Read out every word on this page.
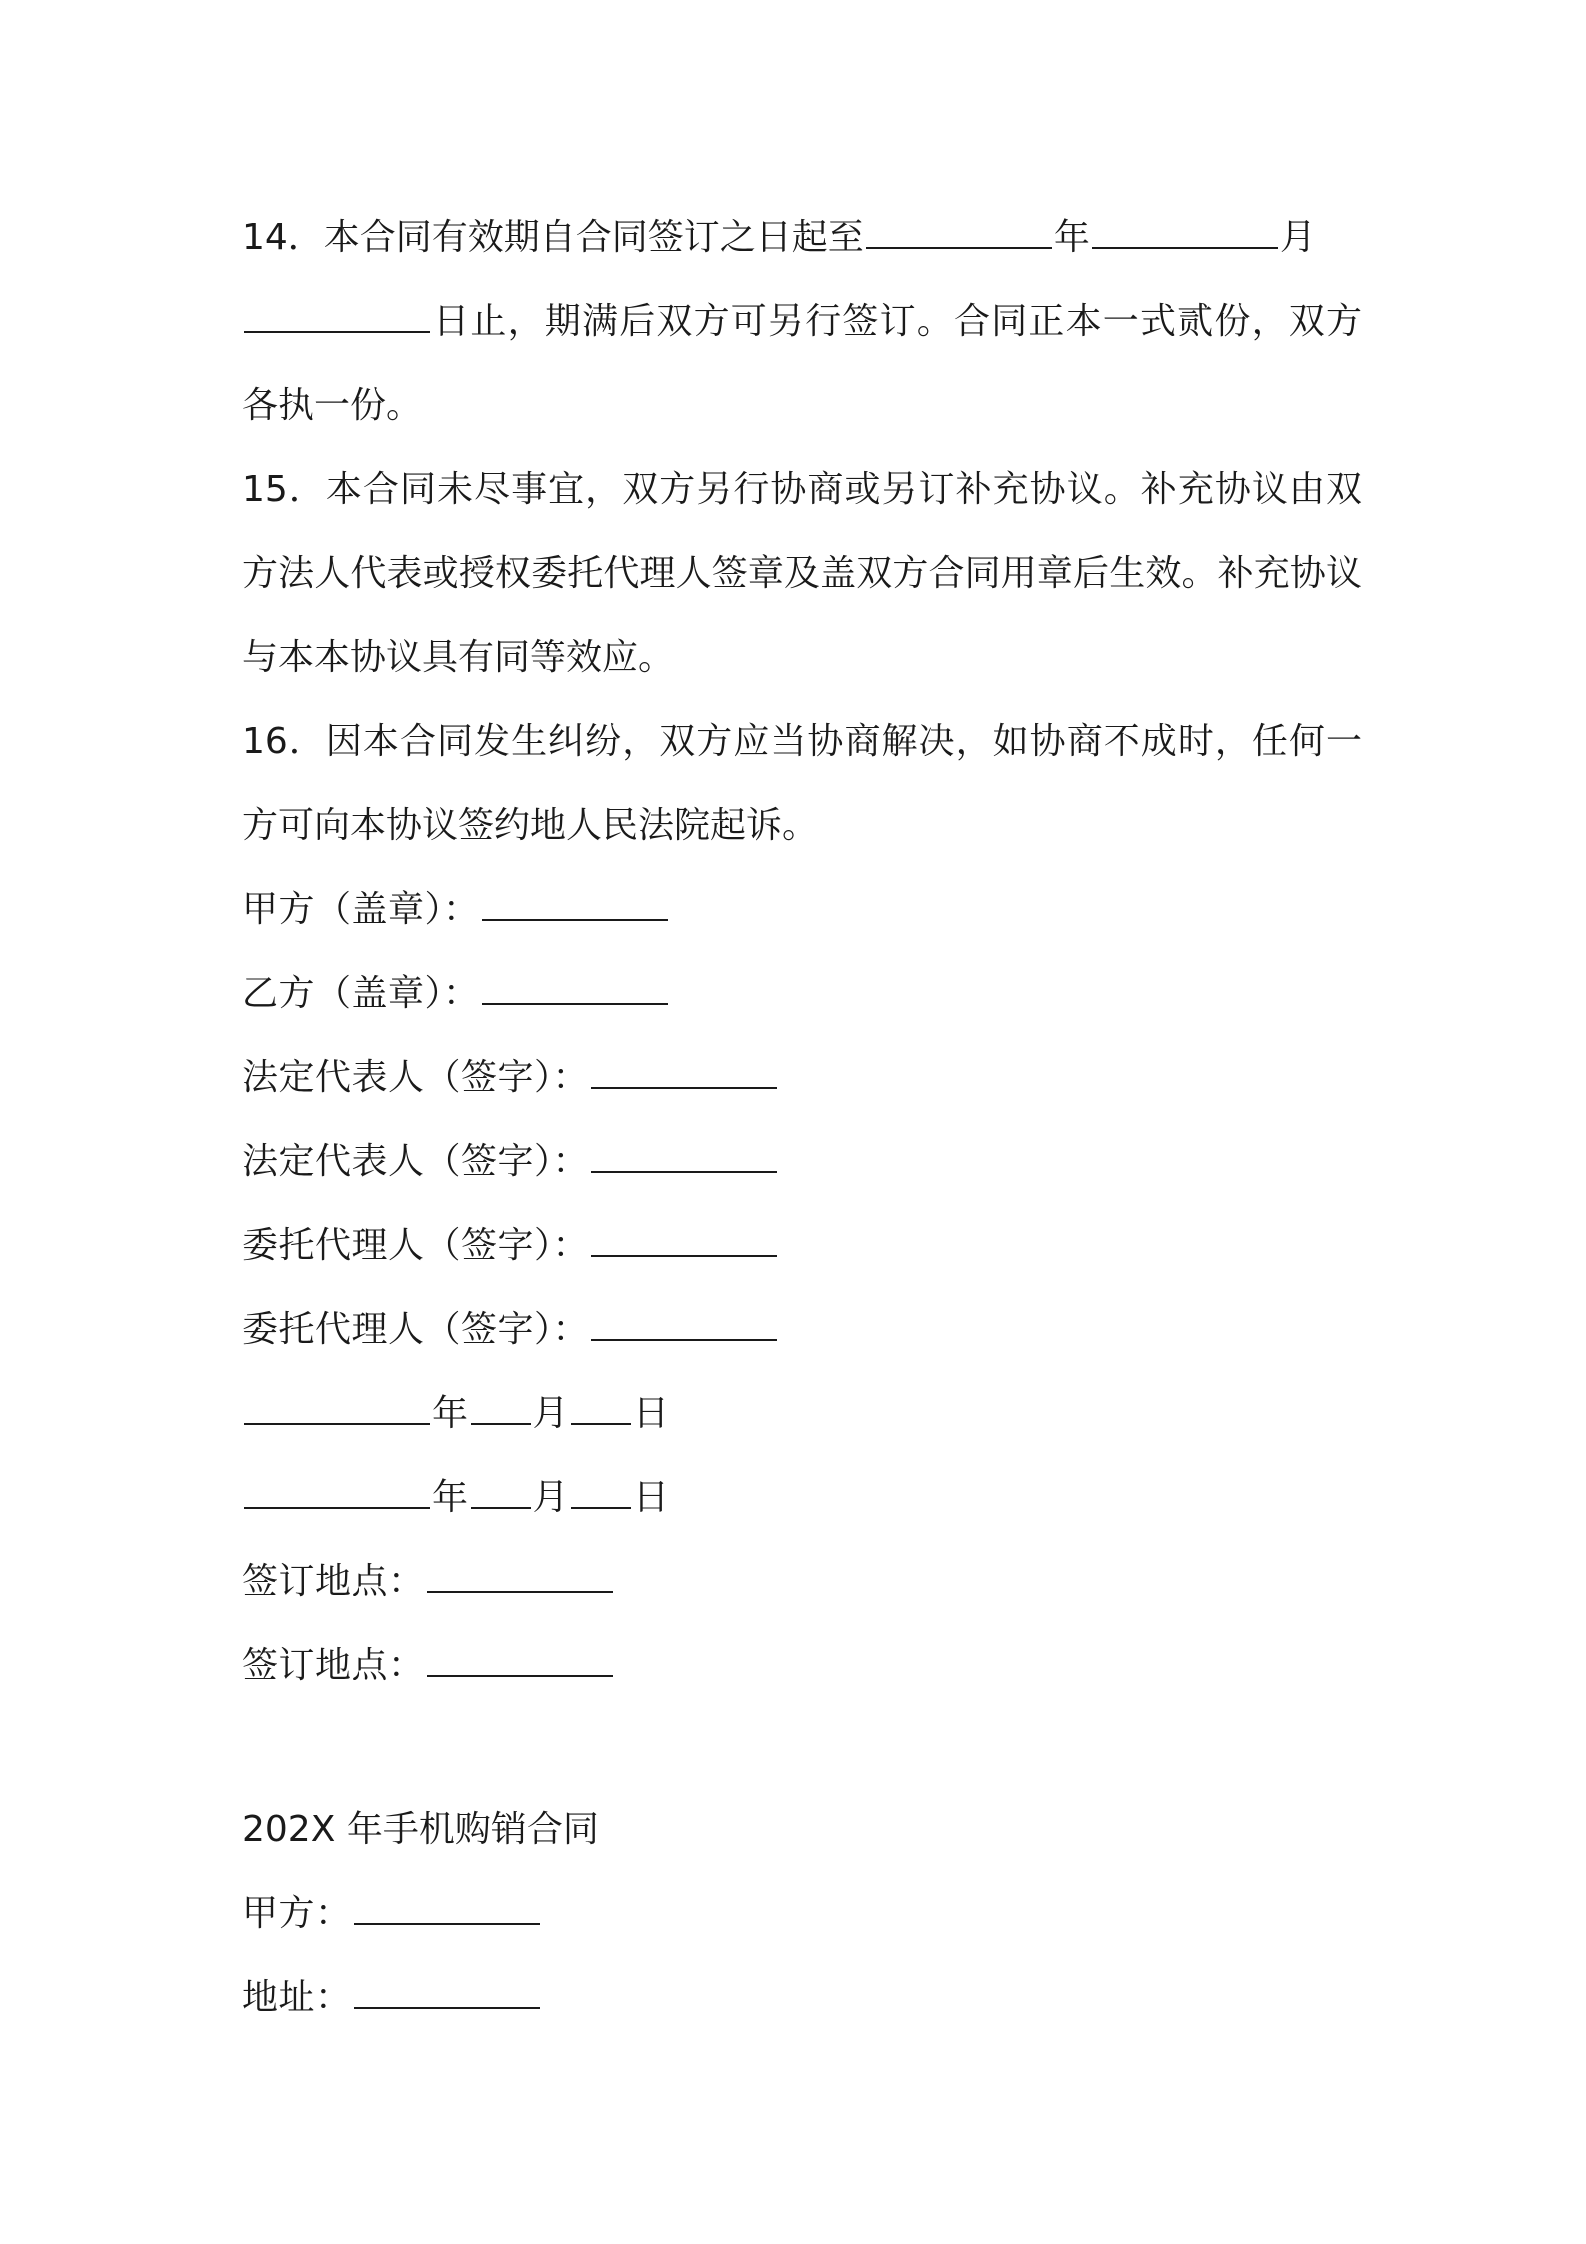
14．本合同有效期自合同签订之日起至	年	月
日止，期满后双方可另行签订。合同正本一式贰份，双方各执一份。
15．本合同未尽事宜，双方另行协商或另订补充协议。补充协议由双方法人代表或授权委托代理人签章及盖双方合同用章后生效。补充协议与本本协议具有同等效应。
16．因本合同发生纠纷，双方应当协商解决，如协商不成时，任何一方可向本协议签约地人民法院起诉。
甲方（盖章）：
乙方（盖章）：
法定代表人（签字）：
法定代表人（签字）：
委托代理人（签字）：
委托代理人（签字）：
年 月 日
年 月 日
签订地点：
签订地点：
202X 年手机购销合同
甲方：
地址：
